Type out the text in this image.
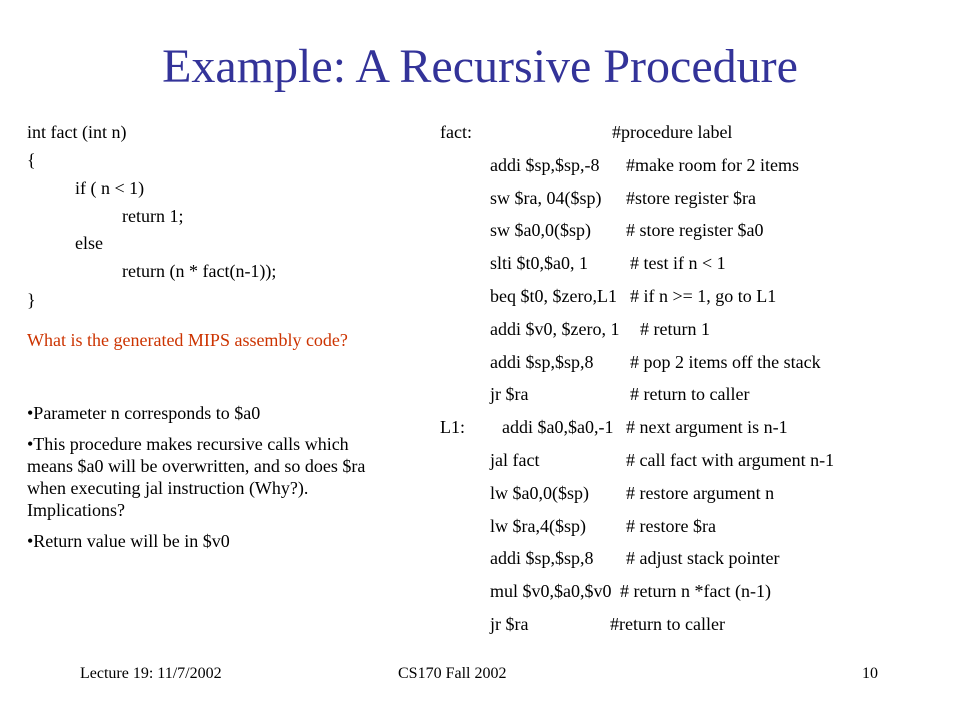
Example: A Recursive Procedure
int fact (int n)
{
if ( n < 1)
return 1;
else
return (n * fact(n-1));
}
What is the generated MIPS assembly code?
•Parameter n corresponds to $a0
•This procedure makes recursive calls which means $a0 will be overwritten, and so does $ra when executing jal instruction (Why?). Implications?
•Return value will be in $v0
fact:	#procedure label
addi $sp,$sp,-8 #make room for 2 items
sw $ra, 04($sp) #store register $ra
sw $a0,0($sp) # store register $a0
slti $t0,$a0, 1 # test if n < 1
beq $t0, $zero,L1 # if n >= 1, go to L1
addi $v0, $zero, 1 # return 1
addi $sp,$sp,8 # pop 2 items off the stack
jr $ra	# return to caller
L1: addi $a0,$a0,-1 # next argument is n-1
jal fact	# call fact with argument n-1
lw $a0,0($sp) # restore argument n
lw $ra,4($sp) # restore $ra
addi $sp,$sp,8 # adjust stack pointer
mul $v0,$a0,$v0 # return n *fact (n-1)
jr $ra	#return to caller
Lecture 19: 11/7/2002	CS170 Fall 2002	10
